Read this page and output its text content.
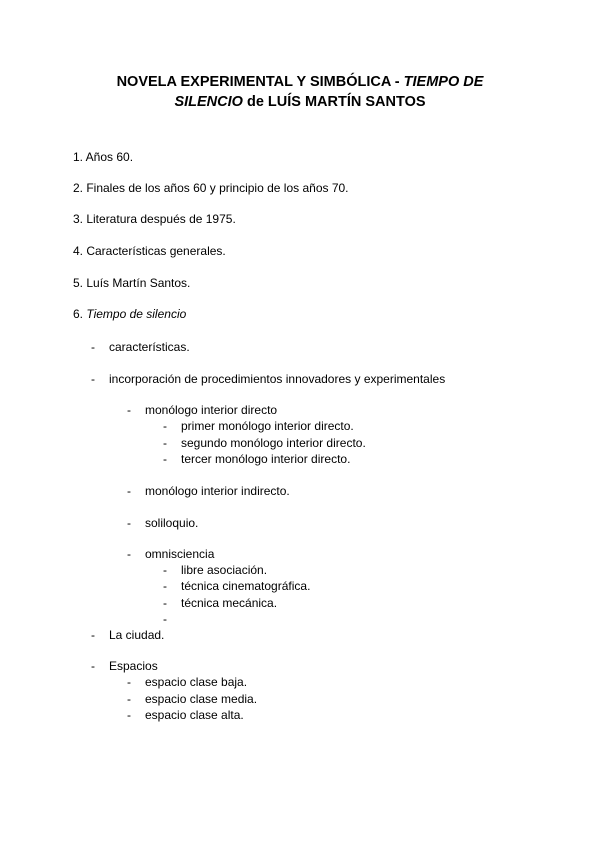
NOVELA EXPERIMENTAL Y SIMBÓLICA - TIEMPO DE
SILENCIO de LUÍS MARTÍN SANTOS
1. Años 60.
2. Finales de los años 60 y principio de los años 70.
3. Literatura después de 1975.
4. Características generales.
5. Luís Martín Santos.
6. Tiempo de silencio
- características.
- incorporación de procedimientos innovadores y experimentales
- monólogo interior directo
- primer monólogo interior directo.
- segundo monólogo interior directo.
- tercer monólogo interior directo.
- monólogo interior indirecto.
- soliloquio.
- omnisciencia
- libre asociación.
- técnica cinematográfica.
- técnica mecánica.
-
- La ciudad.
- Espacios
- espacio clase baja.
- espacio clase media.
- espacio clase alta.
